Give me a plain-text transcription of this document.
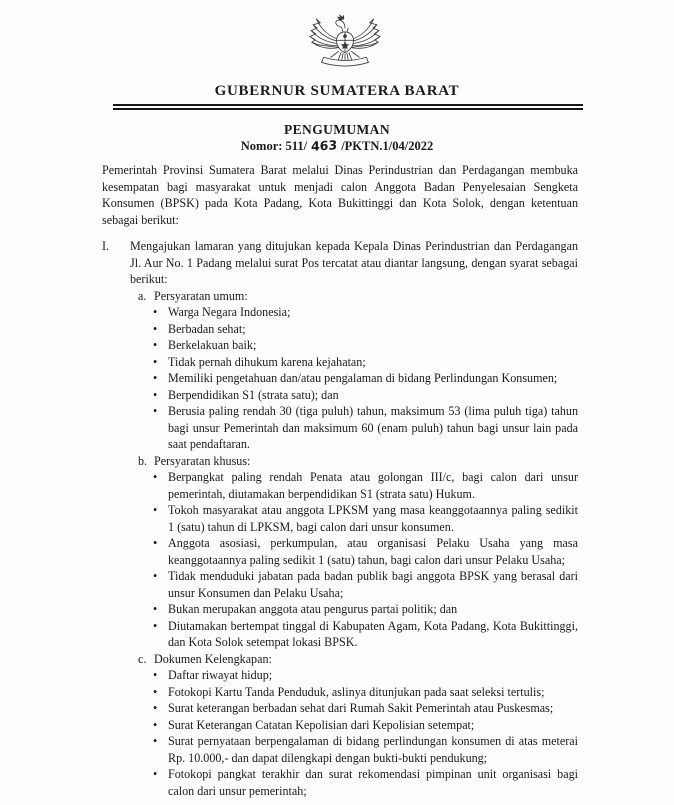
GUBERNUR SUMATERA BARAT
PENGUMUMAN
Nomor: 511/ 463 /PKTN.1/04/2022

Pemerintah Provinsi Sumatera Barat melalui Dinas Perindustrian dan Perdagangan membuka kesempatan bagi masyarakat untuk menjadi calon Anggota Badan Penyelesaian Sengketa Konsumen (BPSK) pada Kota Padang, Kota Bukittinggi dan Kota Solok, dengan ketentuan sebagai berikut:

I.	Mengajukan lamaran yang ditujukan kepada Kepala Dinas Perindustrian dan Perdagangan Jl. Aur No. 1 Padang melalui surat Pos tercatat atau diantar langsung, dengan syarat sebagai berikut:

a. Persyaratan umum:
• Warga Negara Indonesia;
• Berbadan sehat;
• Berkelakuan baik;
• Tidak pernah dihukum karena kejahatan;
• Memiliki pengetahuan dan/atau pengalaman di bidang Perlindungan Konsumen;
• Berpendidikan S1 (strata satu); dan
• Berusia paling rendah 30 (tiga puluh) tahun, maksimum 53 (lima puluh tiga) tahun bagi unsur Pemerintah dan maksimum 60 (enam puluh) tahun bagi unsur lain pada saat pendaftaran.
b. Persyaratan khusus:
• Berpangkat paling rendah Penata atau golongan III/c, bagi calon dari unsur pemerintah, diutamakan berpendidikan S1 (strata satu) Hukum.
• Tokoh masyarakat atau anggota LPKSM yang masa keanggotaannya paling sedikit 1 (satu) tahun di LPKSM, bagi calon dari unsur konsumen.
• Anggota asosiasi, perkumpulan, atau organisasi Pelaku Usaha yang masa keanggotaannya paling sedikit 1 (satu) tahun, bagi calon dari unsur Pelaku Usaha;
• Tidak menduduki jabatan pada badan publik bagi anggota BPSK yang berasal dari unsur Konsumen dan Pelaku Usaha;
• Bukan merupakan anggota atau pengurus partai politik; dan
• Diutamakan bertempat tinggal di Kabupaten Agam, Kota Padang, Kota Bukittinggi, dan Kota Solok setempat lokasi BPSK.
c. Dokumen Kelengkapan:
• Daftar riwayat hidup;
• Fotokopi Kartu Tanda Penduduk, aslinya ditunjukan pada saat seleksi tertulis;
• Surat keterangan berbadan sehat dari Rumah Sakit Pemerintah atau Puskesmas;
• Surat Keterangan Catatan Kepolisian dari Kepolisian setempat;
• Surat pernyataan berpengalaman di bidang perlindungan konsumen di atas meterai Rp. 10.000,- dan dapat dilengkapi dengan bukti-bukti pendukung;
• Fotokopi pangkat terakhir dan surat rekomendasi pimpinan unit organisasi bagi calon dari unsur pemerintah;
